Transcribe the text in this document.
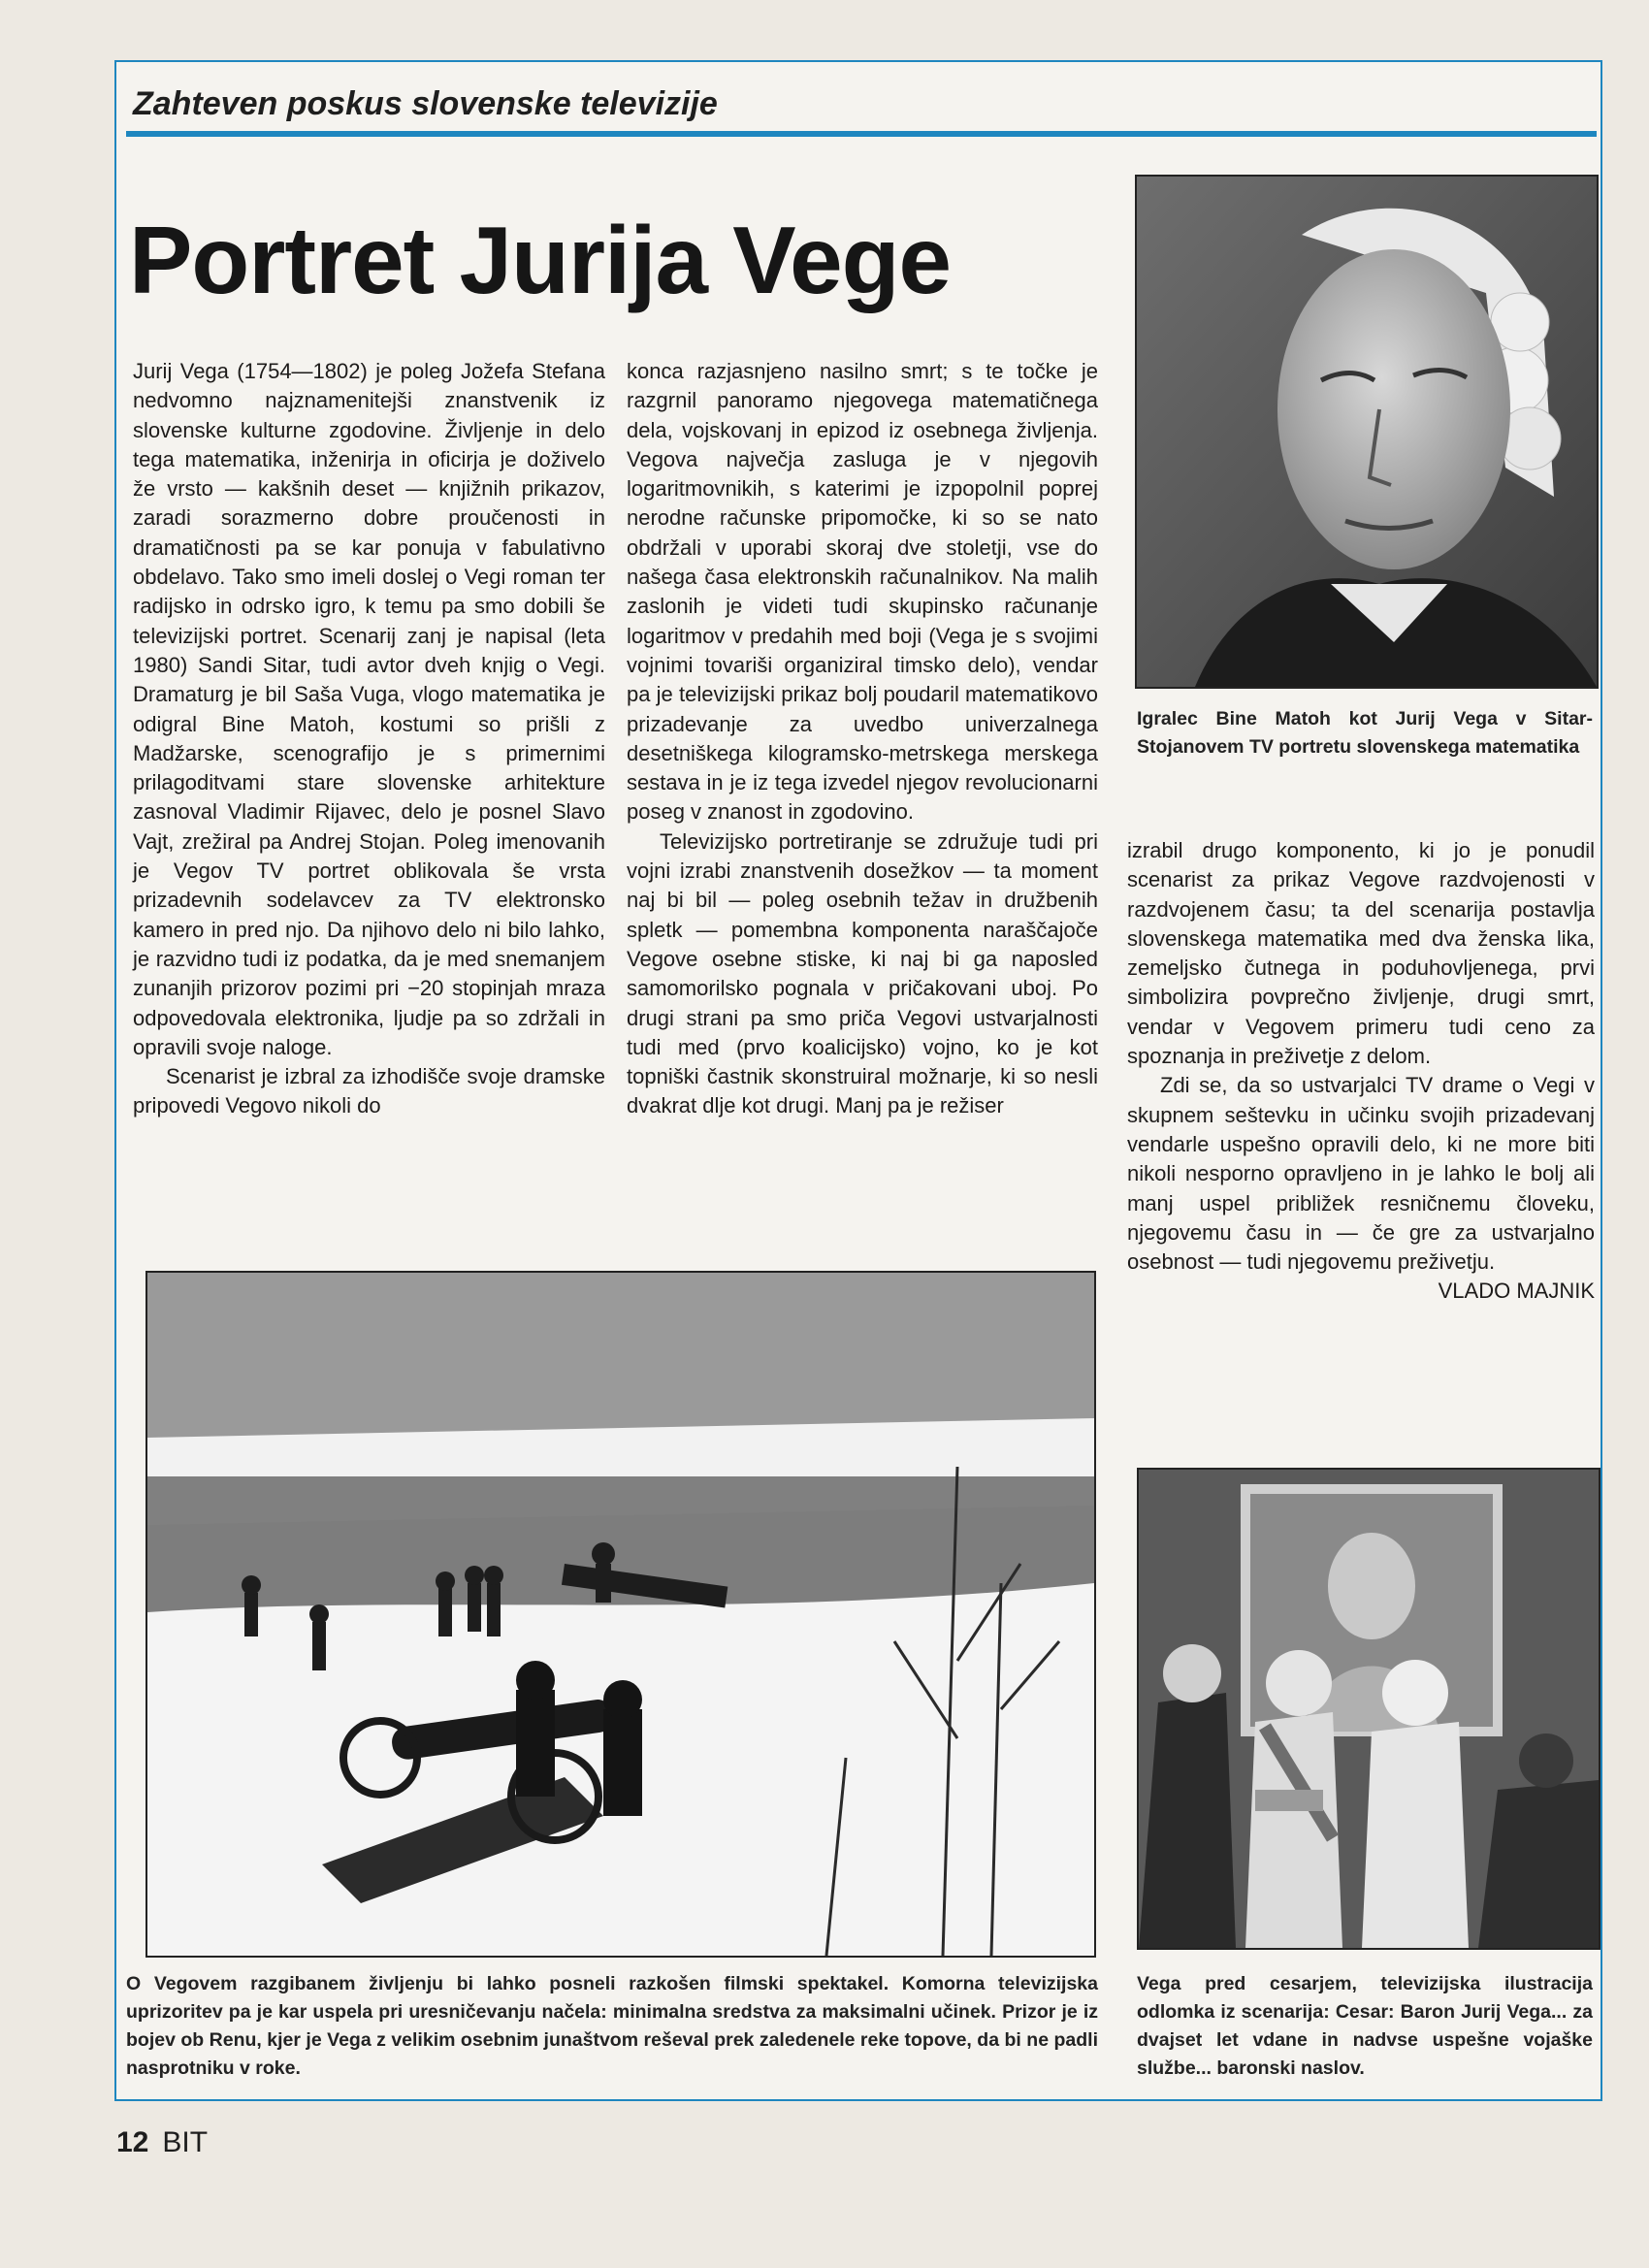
Zahteven poskus slovenske televizije
Portret Jurija Vege

Jurij Vega (1754—1802) je poleg Jožefa Stefana nedvomno najznamenitejši znanstvenik iz slovenske kulturne zgodovine. Življenje in delo tega matematika, inženirja in oficirja je doživelo že vrsto — kakšnih deset — knjižnih prikazov, zaradi sorazmerno dobre proučenosti in dramatičnosti pa se kar ponuja v fabulativno obdelavo. Tako smo imeli doslej o Vegi roman ter radijsko in odrsko igro, k temu pa smo dobili še televizijski portret. Scenarij zanj je napisal (leta 1980) Sandi Sitar, tudi avtor dveh knjig o Vegi. Dramaturg je bil Saša Vuga, vlogo matematika je odigral Bine Matoh, kostumi so prišli z Madžarske, scenografijo je s primernimi prilagoditvami stare slovenske arhitekture zasnoval Vladimir Rijavec, delo je posnel Slavo Vajt, zrežiral pa Andrej Stojan. Poleg imenovanih je Vegov TV portret oblikovala še vrsta prizadevnih sodelavcev za TV elektronsko kamero in pred njo. Da njihovo delo ni bilo lahko, je razvidno tudi iz podatka, da je med snemanjem zunanjih prizorov pozimi pri −20 stopinjah mraza odpovedovala elektronika, ljudje pa so zdržali in opravili svoje naloge.

Scenarist je izbral za izhodišče svoje dramske pripovedi Vegovo nikoli do

konca razjasnjeno nasilno smrt; s te točke je razgrnil panoramo njegovega matematičnega dela, vojskovanj in epizod iz osebnega življenja. Vegova največja zasluga je v njegovih logaritmovnikih, s katerimi je izpopolnil poprej nerodne računske pripomočke, ki so se nato obdržali v uporabi skoraj dve stoletji, vse do našega časa elektronskih računalnikov. Na malih zaslonih je videti tudi skupinsko računanje logaritmov v predahih med boji (Vega je s svojimi vojnimi tovariši organiziral timsko delo), vendar pa je televizijski prikaz bolj poudaril matematikovo prizadevanje za uvedbo univerzalnega desetniškega kilogramsko-metrskega merskega sestava in je iz tega izvedel njegov revolucionarni poseg v znanost in zgodovino.

Televizijsko portretiranje se združuje tudi pri vojni izrabi znanstvenih dosežkov — ta moment naj bi bil — poleg osebnih težav in družbenih spletk — pomembna komponenta naraščajoče Vegove osebne stiske, ki naj bi ga naposled samomorilsko pognala v pričakovani uboj. Po drugi strani pa smo priča Vegovi ustvarjalnosti tudi med (prvo koalicijsko) vojno, ko je kot topniški častnik skonstruiral možnarje, ki so nesli dvakrat dlje kot drugi. Manj pa je režiser

izrabil drugo komponento, ki jo je ponudil scenarist za prikaz Vegove razdvojenosti v razdvojenem času; ta del scenarija postavlja slovenskega matematika med dva ženska lika, zemeljsko čutnega in poduhovljenega, prvi simbolizira povprečno življenje, drugi smrt, vendar v Vegovem primeru tudi ceno za spoznanja in preživetje z delom.

Zdi se, da so ustvarjalci TV drame o Vegi v skupnem seštevku in učinku svojih prizadevanj vendarle uspešno opravili delo, ki ne more biti nikoli nesporno opravljeno in je lahko le bolj ali manj uspel približek resničnemu človeku, njegovemu času in — če gre za ustvarjalno osebnost — tudi njegovemu preživetju.

VLADO MAJNIK
Igralec Bine Matoh kot Jurij Vega v Sitar-Stojanovem TV portretu slovenskega matematika
O Vegovem razgibanem življenju bi lahko posneli razkošen filmski spektakel. Komorna televizijska uprizoritev pa je kar uspela pri uresničevanju načela: minimalna sredstva za maksimalni učinek. Prizor je iz bojev ob Renu, kjer je Vega z velikim osebnim junaštvom reševal prek zaledenele reke topove, da bi ne padli nasprotniku v roke.
Vega pred cesarjem, televizijska ilustracija odlomka iz scenarija: Cesar: Baron Jurij Vega... za dvajset let vdane in nadvse uspešne vojaške službe... baronski naslov.
12 BIT
